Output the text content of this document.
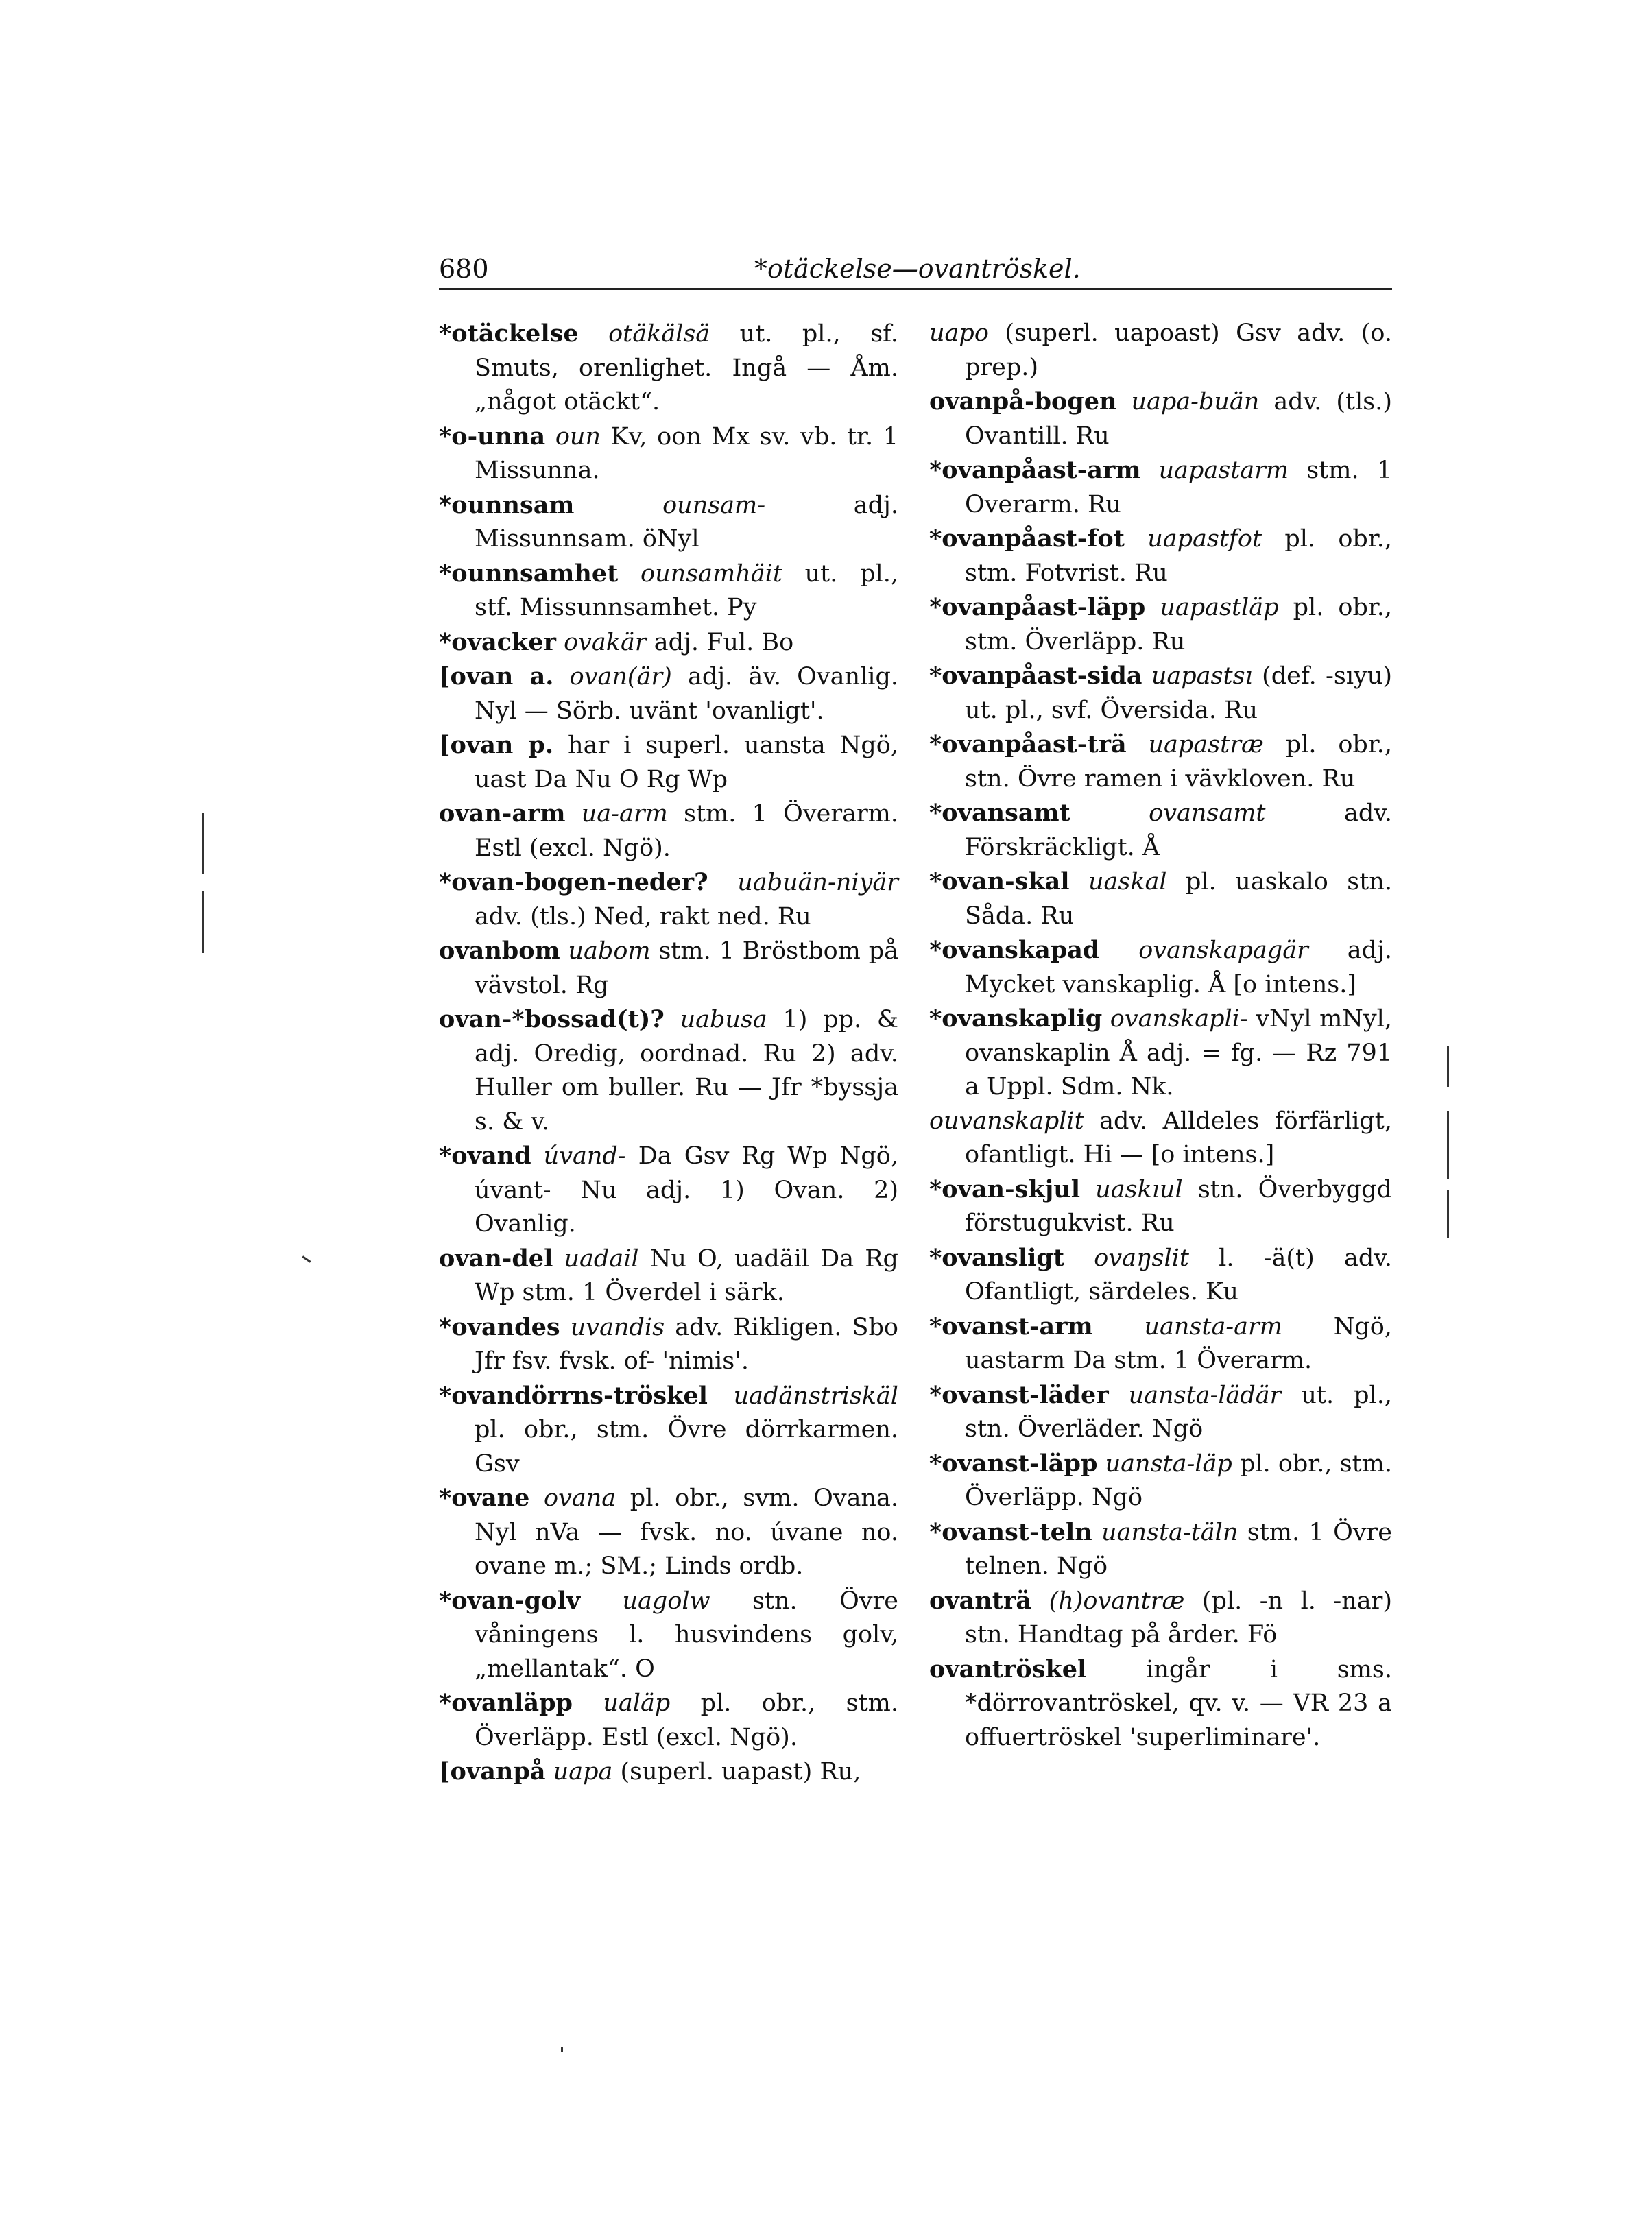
680	*otäckelse—ovantröskel.

*otäckelse otäkälsä ut. pl., sf. Smuts, orenlighet. Ingå — Åm. „något otäckt“.

*o-unna oun Kv, oon Mx sv. vb. tr. 1 Missunna.

*ounnsam	ounsam-	adj. Missunnsam. öNyl

*ounnsamhet ounsamhäit ut. pl., stf. Missunnsamhet. Py

*ovacker ovakär adj. Ful. Bo

[ovan a. ovan(är) adj. äv. Ovanlig. Nyl — Sörb. uvänt 'ovanligt'.

[ovan p. har i superl. uansta Ngö, uast Da Nu O Rg Wp

ovan-arm ua-arm stm. 1 Överarm. Estl (excl. Ngö).

*ovan-bogen-neder? uabuän-niyär adv. (tls.) Ned, rakt ned. Ru

ovanbom uabom stm. 1 Bröstbom på vävstol. Rg

ovan-*bossad(t)? uabusa 1) pp. & adj. Oredig, oordnad. Ru 2) adv. Huller om buller. Ru — Jfr *byssja s. & v.

*ovand úvand- Da Gsv Rg Wp Ngö, úvant- Nu adj. 1) Ovan. 2) Ovanlig.

ovan-del uadail Nu O, uadäil Da Rg Wp stm. 1 Överdel i särk.

*ovandes uvandis adv. Rikligen. Sbo Jfr fsv. fvsk. of- 'nimis'.

*ovandörrns-tröskel uadänstriskäl pl. obr., stm. Övre dörrkarmen. Gsv

*ovane ovana pl. obr., svm. Ovana. Nyl nVa — fvsk. no. úvane no. ovane m.; SM.; Linds ordb.

*ovan-golv uagolw stn. Övre våningens l. husvindens golv, „mellantak“. O

*ovanläpp ualäp pl. obr., stm. Överläpp. Estl (excl. Ngö).

[ovanpå uapa (superl. uapast) Ru,

uapo (superl. uapoast) Gsv adv. (o. prep.)

ovanpå-bogen uapa-buän adv. (tls.) Ovantill. Ru

*ovanpåast-arm uapastarm stm. 1 Overarm. Ru

*ovanpåast-fot uapastfot pl. obr., stm. Fotvrist. Ru

*ovanpåast-läpp uapastläp pl. obr., stm. Överläpp. Ru

*ovanpåast-sida uapastsı (def. -sıyu) ut. pl., svf. Översida. Ru

*ovanpåast-trä uapastræ pl. obr., stn. Övre ramen i vävkloven. Ru

*ovansamt	ovansamt	adv. Förskräckligt. Å

*ovan-skal uaskal pl. uaskalo stn. Såda. Ru

*ovanskapad ovanskapagär adj. Mycket vanskaplig. Å [o intens.]

*ovanskaplig ovanskapli- vNyl mNyl, ovanskaplin Å adj. = fg. — Rz 791 a Uppl. Sdm. Nk.

ouvanskaplit adv. Alldeles förfärligt, ofantligt. Hi — [o intens.]

*ovan-skjul uaskıul stn. Överbyggd förstugukvist. Ru

*ovansligt ovaŋslit l. -ä(t) adv. Ofantligt, särdeles. Ku

*ovanst-arm uansta-arm Ngö, uastarm Da stm. 1 Överarm.

*ovanst-läder uansta-lädär ut. pl., stn. Överläder. Ngö

*ovanst-läpp uansta-läp pl. obr., stm. Överläpp. Ngö

*ovanst-teln uansta-täln stm. 1 Övre telnen. Ngö

ovanträ (h)ovantræ (pl. -n l. -nar) stn. Handtag på årder. Fö

ovantröskel ingår i sms. *dörrovantröskel, qv. v. — VR 23 a offuertröskel 'superliminare'.
